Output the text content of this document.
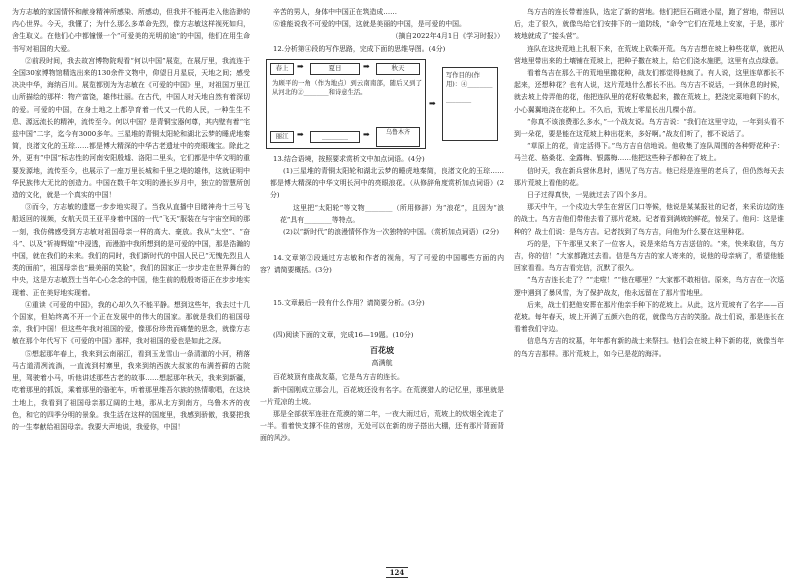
为方志敏的家国情怀和献身精神所感染、所感动，但我并不能再走入他浩渺的内心世界。今天，我懂了；为什么那么多革命先烈，像方志敏这样视死如归，舍生取义。在他们心中都憧憬一个“可爱美的光明前途”的中国，他们在用生命书写对祖国的大爱。

②前段时间，我去故宫博物院观看“何以中国”展览，在展厅里，我流连于全国30家博物馆精选出来的130余件文物中，仰望日月星辰，天地之间；感受决决中华，海纳百川。展览都别为为志敏在《可爱的中国》里，对祖国万里江山所描绘的那样：物产富饶，雄伟壮丽。在古代，中国人对天地自然有着深切的爱。可爱的中国，在身土地之上都孕育着一代又一代的人民，一种生生不息、源远流长的精神，流传至今。何以中国？是青铜宝器何尊，其内壁有着“宅兹中国”二字，迄今有3000多年。三星堆的青铜太阳轮和湖北云梦的睡虎地秦简，良渚文化的玉琮……都是博大精深的中华古老遗址中的亮眼瑰宝。除此之外，更有“中国”标志性的河南安阳殷墟、洛阳二里头，它们都是中华文明的重要发源地，流传至今，也展示了一座万里长城和千里之堤的雄伟，这就证明中华民族伟大无比的创造力。中国在数千年文明的漫长岁月中，独立的智慧所创造的文化，就是一个真实的中国！

③而今，方志敏的遗愿一步步地实现了。当我从直播中目睹神舟十三号飞船返回的视频，女航天员王亚平身着中国的一代“飞天”服装在与宇宙空间的那一刻，我仿佛感受到方志敏对祖国母亲一样的高大、豪放。我从“太空”、“奋斗”、以及“祈祷辉煌”中浸透，而漫游中我所想到的是可爱的中国，那是浩瀚的中国，就在我们的未来。我们的同时，我们新时代的中国人民已“无愧先烈且人类的面前”，祖国母亲也“最美丽的笑脸”，我们的国家正一步步走在世界舞台的中央，这是方志敏烈士当年心心念念的中国，他生前的殷殷寄语正在步步地实现着、正在美好地实现着。

④重读《可爱的中国》，我的心却久久不能平静。想到这些年，我去过十几个国家，但始终离不开一个正在发展中的伟大的国家。那就是我们的祖国母亲，我们中国！但这些年我对祖国的爱，像那份珍贵而痛楚的思念，就像方志敏在那个年代写下《可爱的中国》那样，我对祖国的爱也是如此之深。

⑤想起那年春上，我来到云南丽江，看到玉龙雪山一条清澈的小河，稍落马古道清冽流淌，一直流到村寨里，我来到纳西族大叔家的布满苔藓的古院里，驾驶着小马，听他讲述那些古老的故事……想起那年秋天，我来到新疆，吃着那里的抓饭，乘着那里的骆驼车，听着那里维吾尔族的热情歌唱，在这块土地上，我看到了祖国母亲那辽阔的土地，那从北方到南方，乌鲁木齐的夜色，和它的四季分明的景象。我生活在这样的国度里，我感到骄傲，我要把我的一生奉献给祖国母亲。我要大声地说，我爱你，中国！

辛苦的男人，身体中中国正在筑造成……

⑥谁能说我不可爱的中国，这就是美丽的中国，是可爱的中国。

（摘自2022年4月1日《学习时报》）

12.分析第④段的写作思路，完成下面的思维导图。(4分)

春上	➡	夏日	➡	秋天
为顾平的一角（作为地点）到云南南部，随后又到了从河北的②________和诗意生活。
丽江	➡	________	➡	乌鲁木齐
➡
写作目的(作用)：④________
________

13.结合语境，按照要求赏析文中加点词语。(4分)

(1)三星堆的青铜太阳轮和湖北云梦的睡虎地秦简，良渚文化的玉琮……都是博大精深的中华文明长河中的亮眼浪花。（从修辞角度赏析加点词语）(2分)

这里把“太阳轮”等文物________（所用修辞）为“浪花”，且因为“浪花”具有________等特点。

(2)以“新时代”的浪漫情怀作为一次独特的中国。（赏析加点词语）(2分)

14.文章第②段通过方志敏和作者的视角，写了可爱的中国哪些方面的内容？请简要概括。(3分)

15.文章最后一段有什么作用？请简要分析。(3分)

(四)阅读下面的文章，完成16—19题。(10分)

百花坡
高满航

百花坡顶有座战友墓，它是鸟方吉的连长。

新中国刚成立那会儿，百花坡还没有名字。在荒漠猎人的记忆里，那里就是一片荒凉的土坡。

那是全部获军连驻在荒漠的第二年，一夜大雨过后，荒坡上的炊烟全流走了一半。看着快支撑不住的营房，无处可以在新的房子搭出大棚，还有那片背面背面的风沙。

鸟方吉的连长带着连队，选定了新的营地。他们把巨石砌进小屋，跑了营地，带回以后，走了很久，就像鸟给它们安排下的一道防线，“命令”它们在荒地上安家，于是，那片坡地就成了“接头营”。

连队在这块荒地上扎根下来，在荒坡上砍柴开荒。鸟方吉想在坡上种些花草，就把从营地里带出来的土壤铺在荒坡上，把种子撒在坡上，给它们浇水施肥，这里有点点绿意。

看着鸟吉在那么干的荒地里撒花种，战友们都觉得他疯了。有人说，这里连草都长不起来，还想种花？也有人说，这片荒地什么都长不出。鸟方吉不说话，一到休息的时候，就去坡上侍弄他的花，他把连队里的花籽收集起来，撒在荒坡上，把浇完菜地剩下的水，小心翼翼地浇在花种上。不久后，荒坡上零星长出几棵小苗。

“你真不该浪费那么多水，”一个战友说。鸟方吉说：“我们在这里守边，一年到头看不到一朵花，要是能在这荒坡上种出花来，多好啊。”战友们听了，都不说话了。

“草原上的花，肯定活得下。”鸟方吉自信地说。他收集了连队周围的各种野花种子：马兰花、格桑花、金露梅、银露梅……他把这些种子都种在了坡上。

信时天，我在新兵营休息时，遇见了鸟方吉。他已经是连里的老兵了，但仍然每天去那片荒坡上看他的花。

日子过得真快，一晃就过去了四个多月。

那天中午，一个戍边大学生在营区门口等候，他说是某某报社的记者，来采访边防连的战士。鸟方吉他们带他去看了那片花坡。记者看到满坡的鲜花，惊呆了。他问：这是谁种的？战士们说：是鸟方吉。记者找到了鸟方吉，问他为什么要在这里种花。

巧的是，下午那里又来了一位客人，说是来给鸟方吉送信的。“来，快来取信，鸟方吉，你的信！”大家都跑过去看。信是鸟方吉的家人寄来的，说他的母亲病了，希望他能回家看看。鸟方吉看完信，沉默了很久。

“鸟方吉连长走了？”“走啦！”“他在哪里？”大家都不敢相信。原来，鸟方吉在一次巡逻中遇到了暴风雪，为了保护战友，他永远留在了那片雪地里。

后来，战士们把他安葬在那片他亲手种下的花坡上。从此，这片荒坡有了名字——百花坡。每年春天，坡上开满了五颜六色的花，就像鸟方吉的笑脸。战士们说，那是连长在看着我们守边。

信息鸟方吉的坟墓，年年都有新的战士来祭扫。他们会在坡上种下新的花，就像当年的鸟方吉那样。那片荒坡上，如今已是花的海洋。

124
